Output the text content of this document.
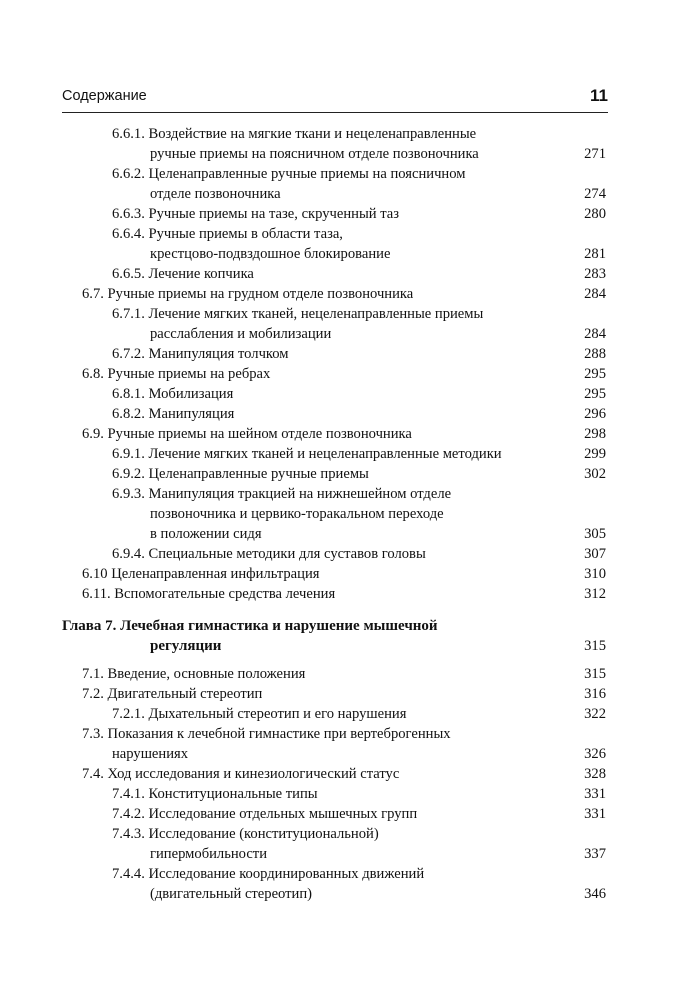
Содержание	11
6.6.1. Воздействие на мягкие ткани и нецеленаправленные
ручные приемы на поясничном отделе позвоночника	271
6.6.2. Целенаправленные ручные приемы на поясничном
отделе позвоночника	274
6.6.3. Ручные приемы на тазе, скрученный таз	280
6.6.4. Ручные приемы в области таза,
крестцово-подвздошное блокирование	281
6.6.5. Лечение копчика	283
6.7. Ручные приемы на грудном отделе позвоночника	284
6.7.1. Лечение мягких тканей, нецеленаправленные приемы
расслабления и мобилизации	284
6.7.2. Манипуляция толчком	288
6.8. Ручные приемы на ребрах	295
6.8.1. Мобилизация	295
6.8.2. Манипуляция	296
6.9. Ручные приемы на шейном отделе позвоночника	298
6.9.1. Лечение мягких тканей и нецеленаправленные методики	299
6.9.2. Целенаправленные ручные приемы	302
6.9.3. Манипуляция тракцией на нижнешейном отделе
позвоночника и цервико-торакальном переходе
в положении сидя	305
6.9.4. Специальные методики для суставов головы	307
6.10 Целенаправленная инфильтрация	310
6.11. Вспомогательные средства лечения	312
Глава 7. Лечебная гимнастика и нарушение мышечной
регуляции	315
7.1. Введение, основные положения	315
7.2. Двигательный стереотип	316
7.2.1. Дыхательный стереотип и его нарушения	322
7.3. Показания к лечебной гимнастике при вертеброгенных
нарушениях	326
7.4. Ход исследования и кинезиологический статус	328
7.4.1. Конституциональные типы	331
7.4.2. Исследование отдельных мышечных групп	331
7.4.3. Исследование (конституциональной)
гипермобильности	337
7.4.4. Исследование координированных движений
(двигательный стереотип)	346
